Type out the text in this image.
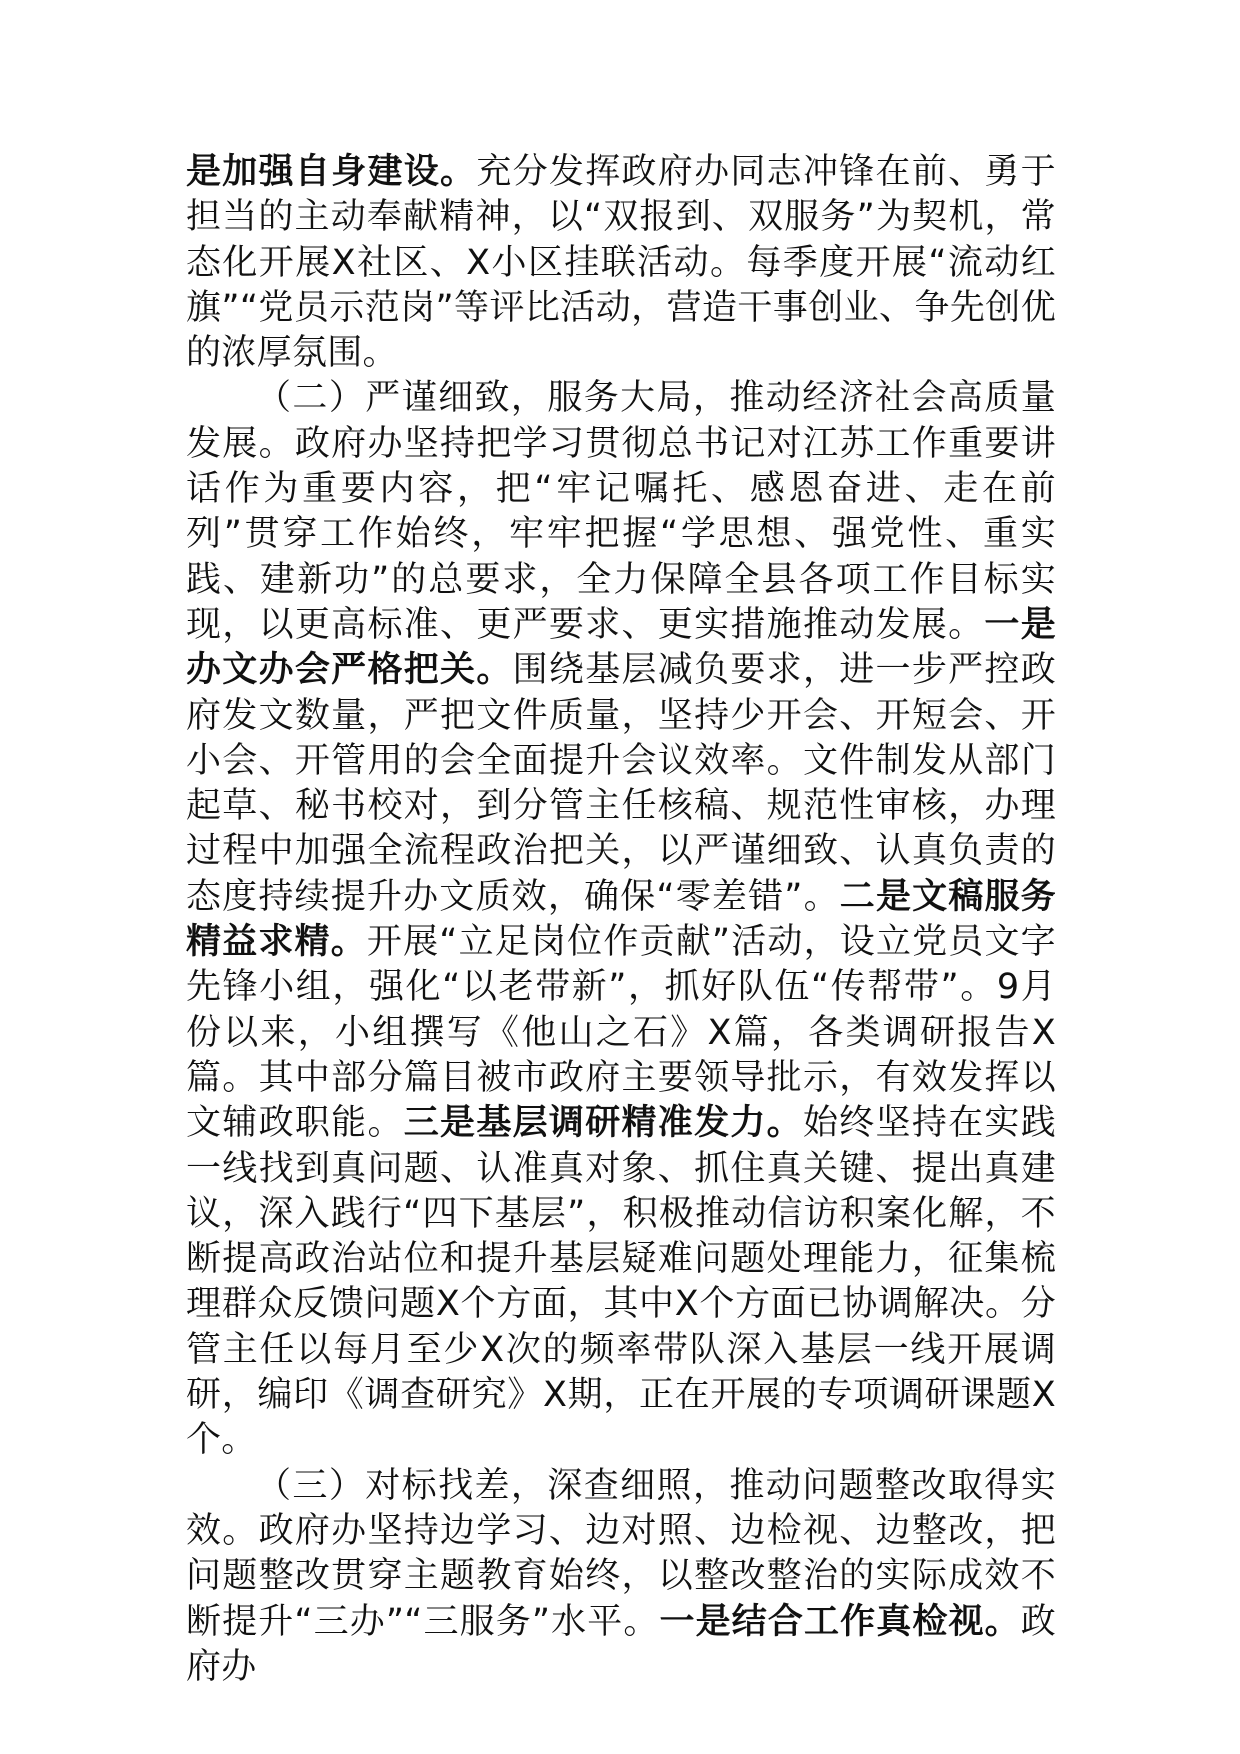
是加强自身建设。充分发挥政府办同志冲锋在前、勇于担当的主动奉献精神，以“双报到、双服务”为契机，常态化开展X社区、X小区挂联活动。每季度开展“流动红旗”“党员示范岗”等评比活动，营造干事创业、争先创优的浓厚氛围。

（二）严谨细致，服务大局，推动经济社会高质量发展。政府办坚持把学习贯彻总书记对江苏工作重要讲话作为重要内容，把“牢记嘱托、感恩奋进、走在前列”贯穿工作始终，牢牢把握“学思想、强党性、重实践、建新功”的总要求，全力保障全县各项工作目标实现，以更高标准、更严要求、更实措施推动发展。一是办文办会严格把关。围绕基层减负要求，进一步严控政府发文数量，严把文件质量，坚持少开会、开短会、开小会、开管用的会全面提升会议效率。文件制发从部门起草、秘书校对，到分管主任核稿、规范性审核，办理过程中加强全流程政治把关，以严谨细致、认真负责的态度持续提升办文质效，确保“零差错”。二是文稿服务精益求精。开展“立足岗位作贡献”活动，设立党员文字先锋小组，强化“以老带新”，抓好队伍“传帮带”。9月份以来，小组撰写《他山之石》X篇，各类调研报告X篇。其中部分篇目被市政府主要领导批示，有效发挥以文辅政职能。三是基层调研精准发力。始终坚持在实践一线找到真问题、认准真对象、抓住真关键、提出真建议，深入践行“四下基层”，积极推动信访积案化解，不断提高政治站位和提升基层疑难问题处理能力，征集梳理群众反馈问题X个方面，其中X个方面已协调解决。分管主任以每月至少X次的频率带队深入基层一线开展调研，编印《调查研究》X期，正在开展的专项调研课题X个。

（三）对标找差，深查细照，推动问题整改取得实效。政府办坚持边学习、边对照、边检视、边整改，把问题整改贯穿主题教育始终，以整改整治的实际成效不断提升“三办”“三服务”水平。一是结合工作真检视。政府办
